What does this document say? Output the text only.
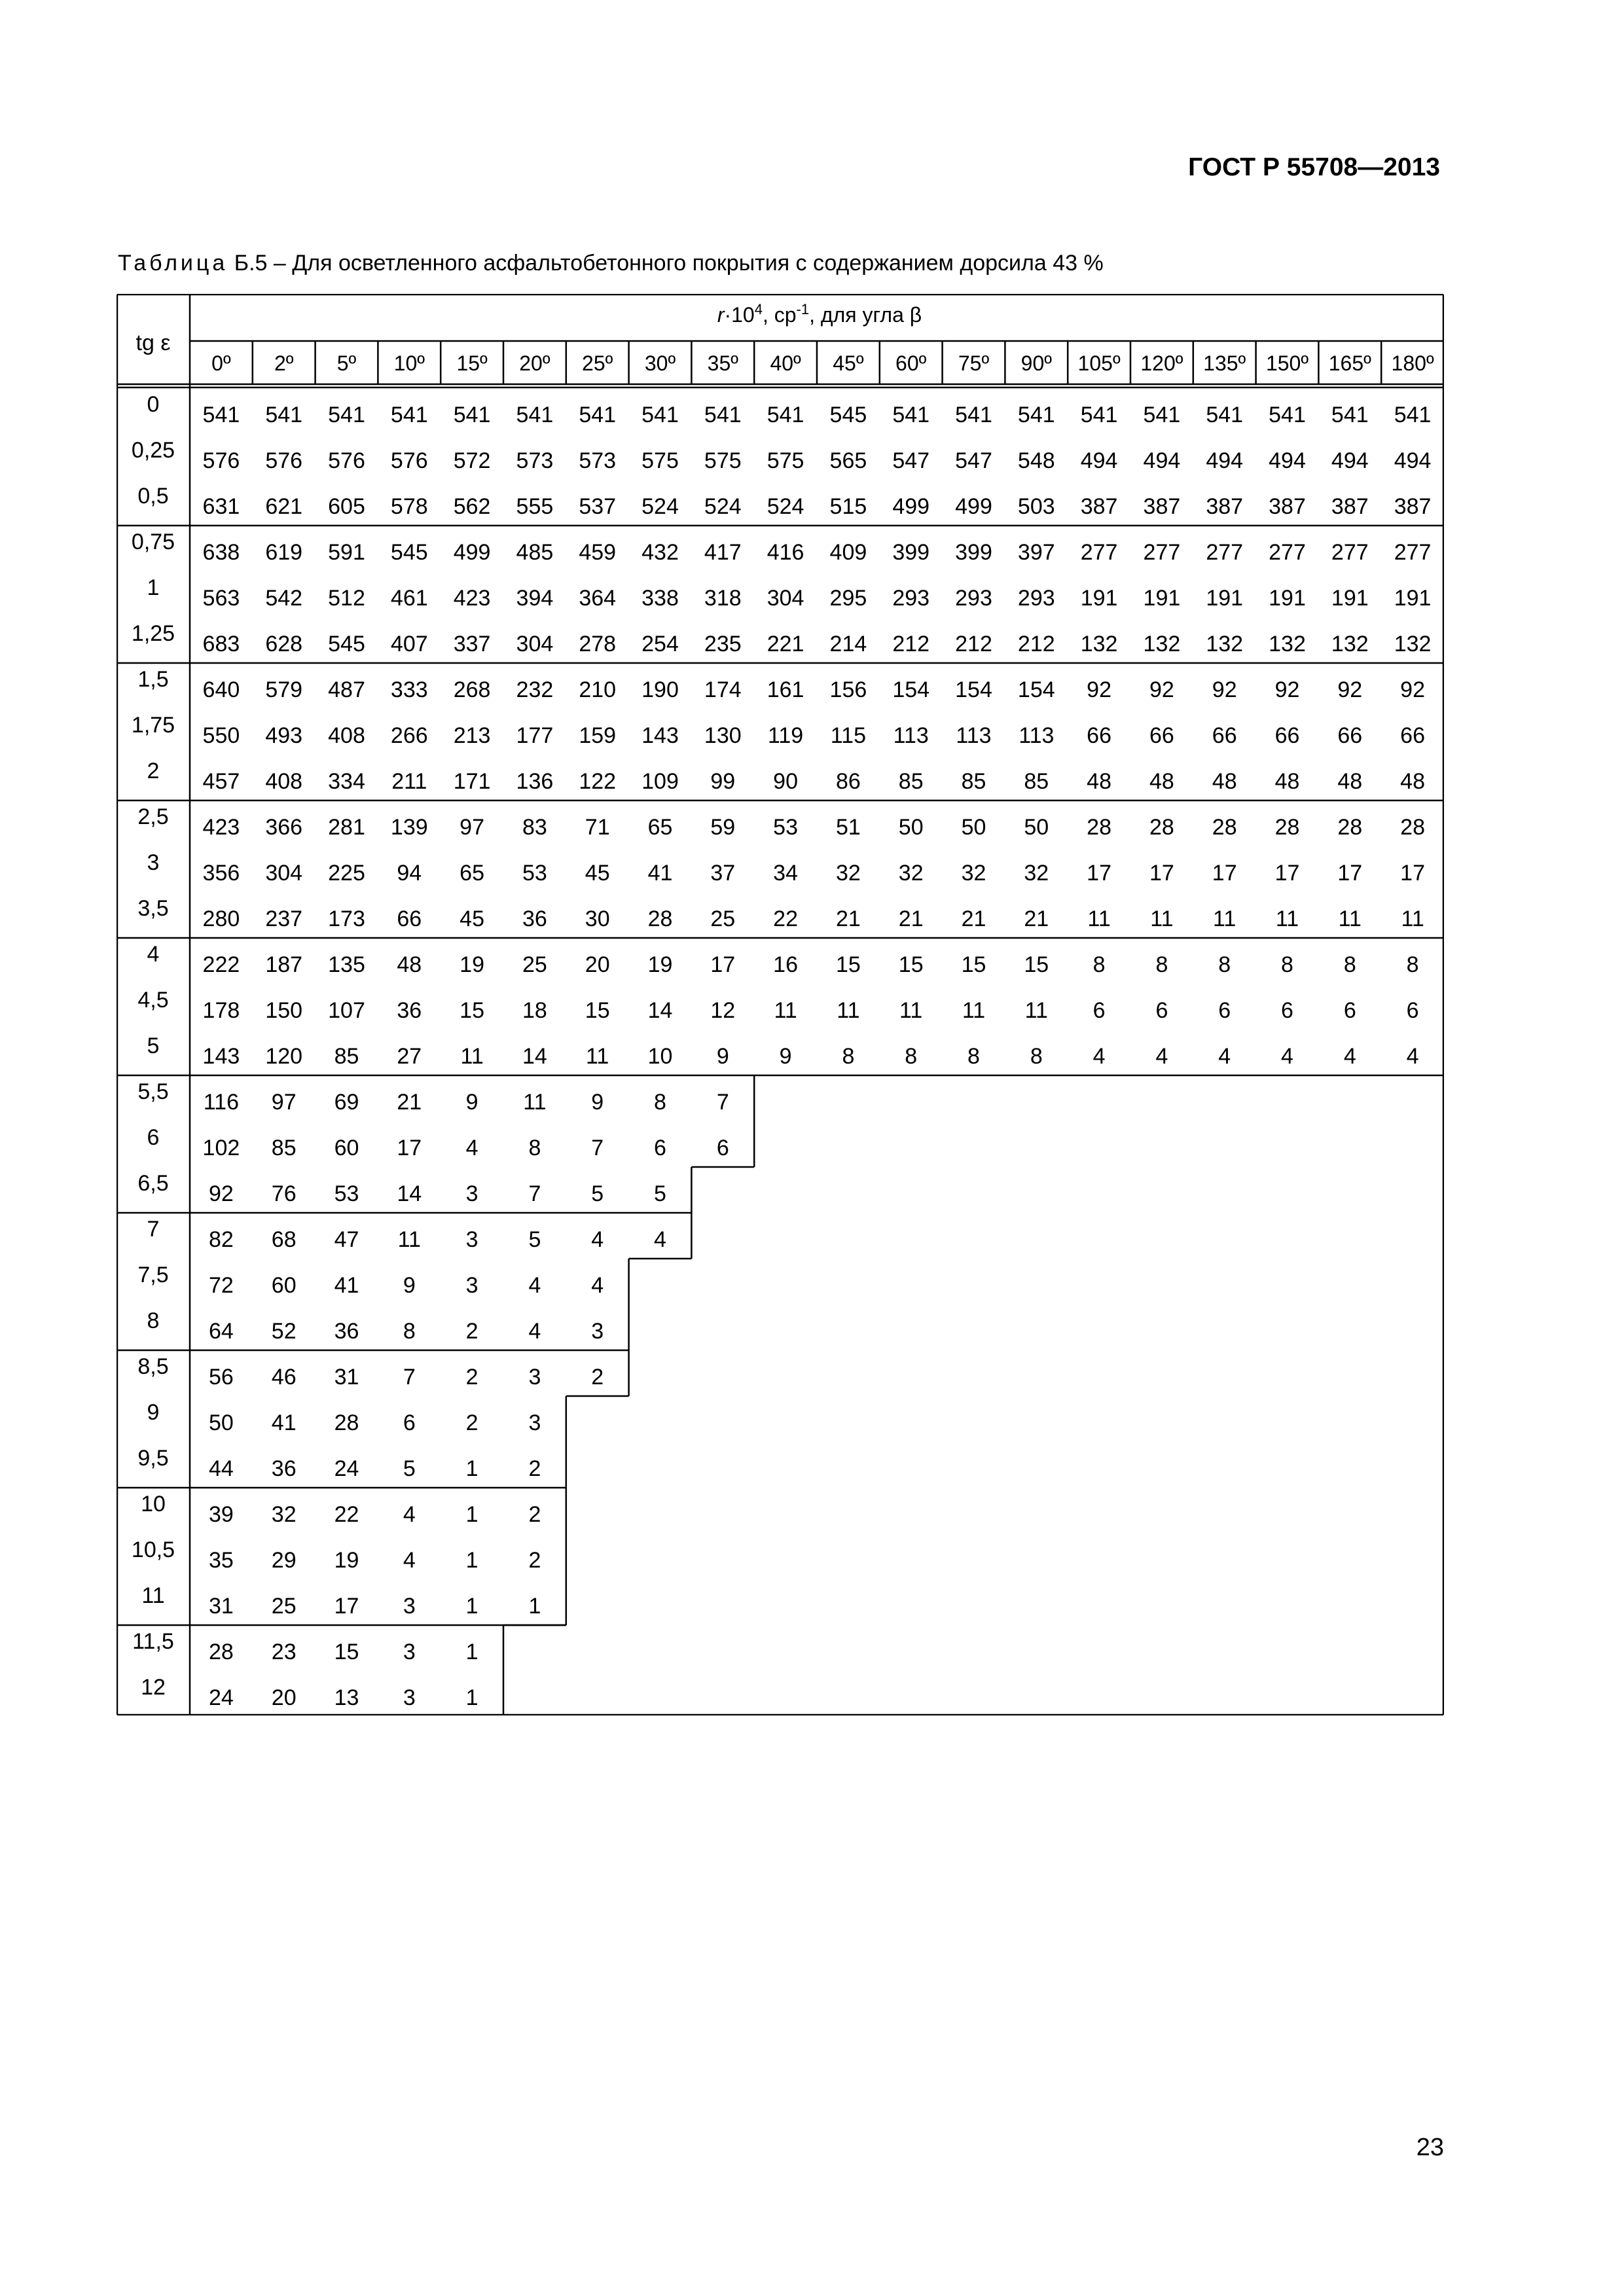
ГОСТ Р 55708—2013
Таблица Б.5 – Для осветленного асфальтобетонного покрытия с содержанием дорсила 43 %
tg ε
$r\cdot 10^4$, $ср^{-1}$, для угла β
0º 2º 5º 10º 15º 20º 25º 30º 35º 40º 45º 60º 75º 90º 105º 120º 135º 150º 165º 180º
0 541 541 541 541 541 541 541 541 541 541 545 541 541 541 541 541 541 541 541 541
0,25 576 576 576 576 572 573 573 575 575 575 565 547 547 548 494 494 494 494 494 494
0,5 631 621 605 578 562 555 537 524 524 524 515 499 499 503 387 387 387 387 387 387
0,75 638 619 591 545 499 485 459 432 417 416 409 399 399 397 277 277 277 277 277 277
1 563 542 512 461 423 394 364 338 318 304 295 293 293 293 191 191 191 191 191 191
1,25 683 628 545 407 337 304 278 254 235 221 214 212 212 212 132 132 132 132 132 132
1,5 640 579 487 333 268 232 210 190 174 161 156 154 154 154 92 92 92 92 92 92
1,75 550 493 408 266 213 177 159 143 130 119 115 113 113 113 66 66 66 66 66 66
2 457 408 334 211 171 136 122 109 99 90 86 85 85 85 48 48 48 48 48 48
2,5 423 366 281 139 97 83 71 65 59 53 51 50 50 50 28 28 28 28 28 28
3 356 304 225 94 65 53 45 41 37 34 32 32 32 32 17 17 17 17 17 17
3,5 280 237 173 66 45 36 30 28 25 22 21 21 21 21 11 11 11 11 11 11
4 222 187 135 48 19 25 20 19 17 16 15 15 15 15 8 8 8 8 8 8
4,5 178 150 107 36 15 18 15 14 12 11 11 11 11 11 6 6 6 6 6 6
5 143 120 85 27 11 14 11 10 9 9 8 8 8 8 4 4 4 4 4 4
5,5 116 97 69 21 9 11 9 8 7
6 102 85 60 17 4 8 7 6 6
6,5 92 76 53 14 3 7 5 5
7 82 68 47 11 3 5 4 4
7,5 72 60 41 9 3 4 4
8 64 52 36 8 2 4 3
8,5 56 46 31 7 2 3 2
9 50 41 28 6 2 3
9,5 44 36 24 5 1 2
10 39 32 22 4 1 2
10,5 35 29 19 4 1 2
11 31 25 17 3 1 1
11,5 28 23 15 3 1
12 24 20 13 3 1
23
